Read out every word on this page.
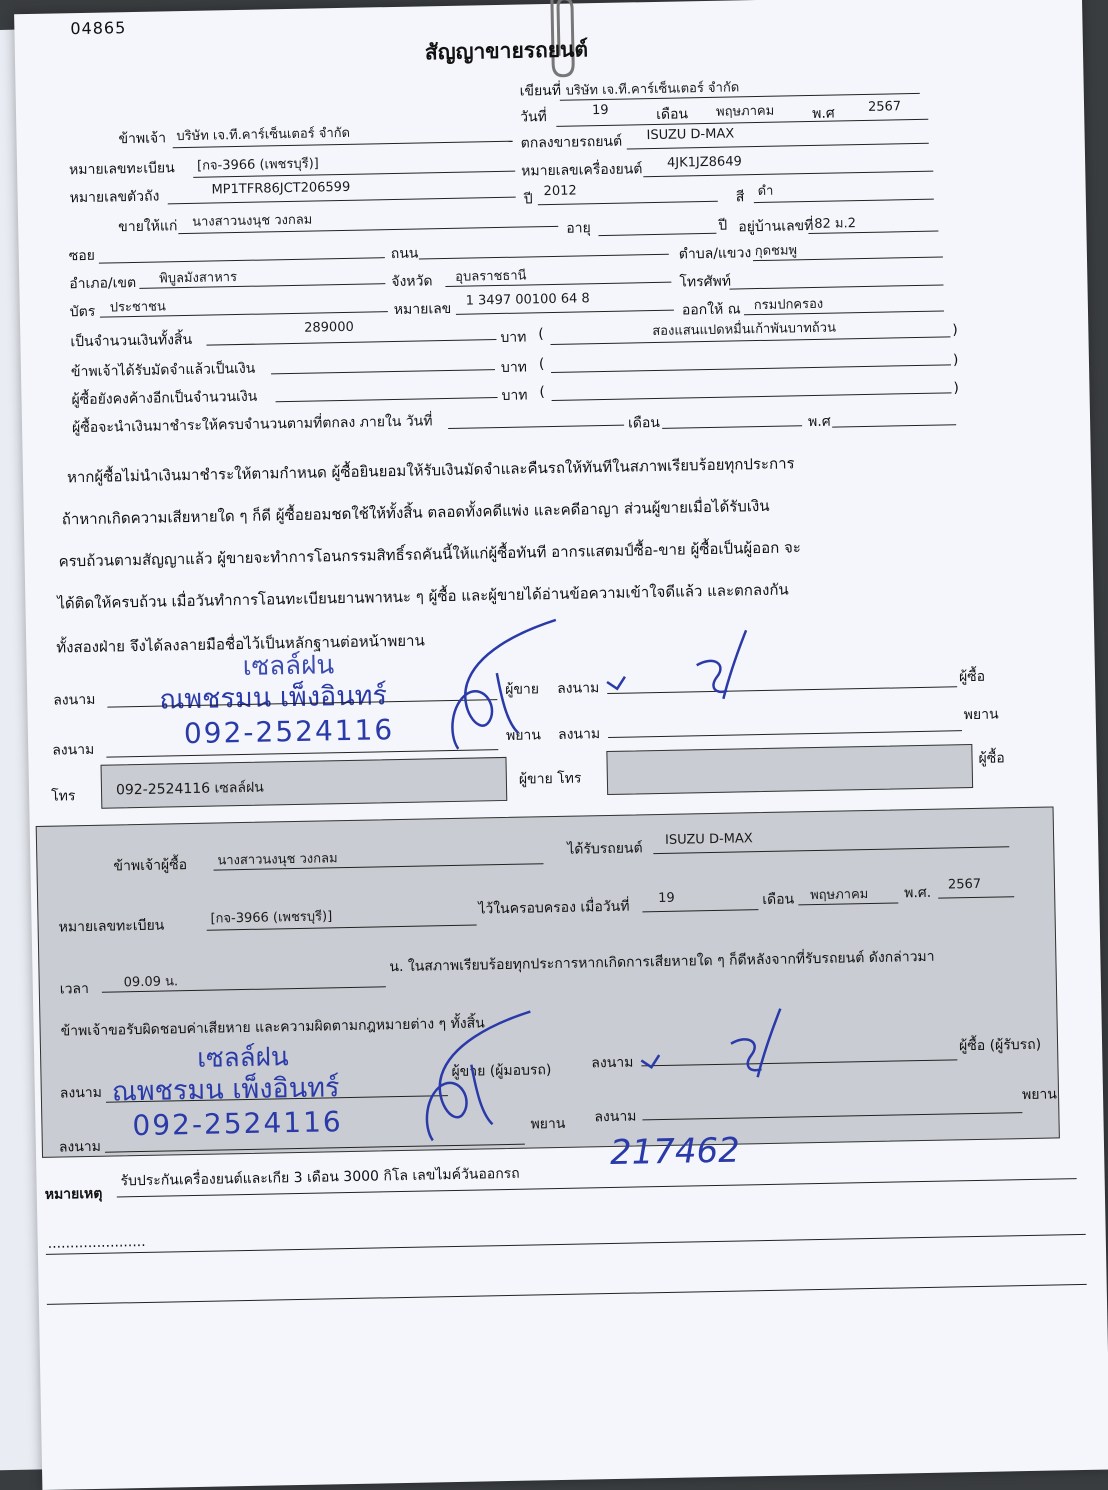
04865
สัญญาขายรถยนต์
เขียนที่ บริษัท เจ.ที.คาร์เซ็นเตอร์ จำกัด
วันที่	19	เดือน พฤษภาคม	พ.ศ	2567
ข้าพเจ้า บริษัท เจ.ที.คาร์เซ็นเตอร์ จำกัด	ตกลงขายรถยนต์ ISUZU D-MAX
หมายเลขทะเบียน [กจ-3966 (เพชรบุรี)]	หมายเลขเครื่องยนต์ 4JK1JZ8649
หมายเลขตัวถัง	MP1TFR86JCT206599
ปี
2012	สี ดำ
ขายให้แก่ นางสาวนงนุช วงกลม	อายุ	ปี อยู่บ้านเลขที่ 82 ม.2
ซอย	ถนน	ตำบล/แขวง กุดชมพู
อำเภอ/เขต พิบูลมังสาหาร	จังหวัด อุบลราชธานี	โทรศัพท์
บัตร ประชาชน	หมายเลข
1 3497 00100 64 8
ออกให้ ณ กรมปกครอง
เป็นจำนวนเงินทั้งสิ้น
289000
บาท (	สองแสนแปดหมื่นเก้าพันบาทถ้วน	)
ข้าพเจ้าได้รับมัดจำแล้วเป็นเงิน	บาท (	)
ผู้ซื้อยังคงค้างอีกเป็นจำนวนเงิน	บาท (	)
ผู้ซื้อจะนำเงินมาชำระให้ครบจำนวนตามที่ตกลง ภายใน วันที่	เดือน	พ.ศ
หากผู้ซื้อไม่นำเงินมาชำระให้ตามกำหนด ผู้ซื้อยินยอมให้รับเงินมัดจำและคืนรถให้ทันทีในสภาพเรียบร้อยทุกประการ
ถ้าหากเกิดความเสียหายใด ๆ ก็ดี ผู้ซื้อยอมชดใช้ให้ทั้งสิ้น ตลอดทั้งคดีแพ่ง และคดีอาญา ส่วนผู้ขายเมื่อได้รับเงิน
ครบถ้วนตามสัญญาแล้ว ผู้ขายจะทำการโอนกรรมสิทธิ์รถคันนี้ให้แก่ผู้ซื้อทันที อากรแสตมป์ซื้อ-ขาย ผู้ซื้อเป็นผู้ออก จะ
ได้ติดให้ครบถ้วน เมื่อวันทำการโอนทะเบียนยานพาหนะ ๆ ผู้ซื้อ และผู้ขายได้อ่านข้อความเข้าใจดีแล้ว และตกลงกัน
ทั้งสองฝ่าย จึงได้ลงลายมือชื่อไว้เป็นหลักฐานต่อหน้าพยาน
เซลล์ฝน
ลงนาม ณพชรมน เพ็งอินทร์	ผู้ขาย ลงนาม
ผู้ซื้อ
ลงนาม
092-2524116	พยาน ลงนาม
พยาน
โทร	092-2524116 เซลล์ฝน
ผู้ขาย โทร
ผู้ซื้อ
ข้าพเจ้าผู้ซื้อ นางสาวนงนุช วงกลม
ได้รับรถยนต์
ISUZU D-MAX
หมายเลขทะเบียน	[กจ-3966 (เพชรบุรี)]
ไว้ในครอบครอง เมื่อวันที่
19	เดือน พฤษภาคม	พ.ศ.
2567
เวลา	09.09 น.
น. ในสภาพเรียบร้อยทุกประการหากเกิดการเสียหายใด ๆ ก็ดีหลังจากที่รับรถยนต์ ดังกล่าวมา
ข้าพเจ้าขอรับผิดชอบค่าเสียหาย และความผิดตามกฎหมายต่าง ๆ ทั้งสิ้น
เซลล์ฝน
ลงนาม ณพชรมน เพ็งอินทร์
ผู้ขาย (ผู้มอบรถ)	ลงนาม
ผู้ซื้อ (ผู้รับรถ)
ลงนาม
092-2524116	พยาน ลงนาม
พยาน
หมายเหตุ
รับประกันเครื่องยนต์และเกีย 3 เดือน 3000 กิโล เลขไมค์วันออกรถ
217462
......................
